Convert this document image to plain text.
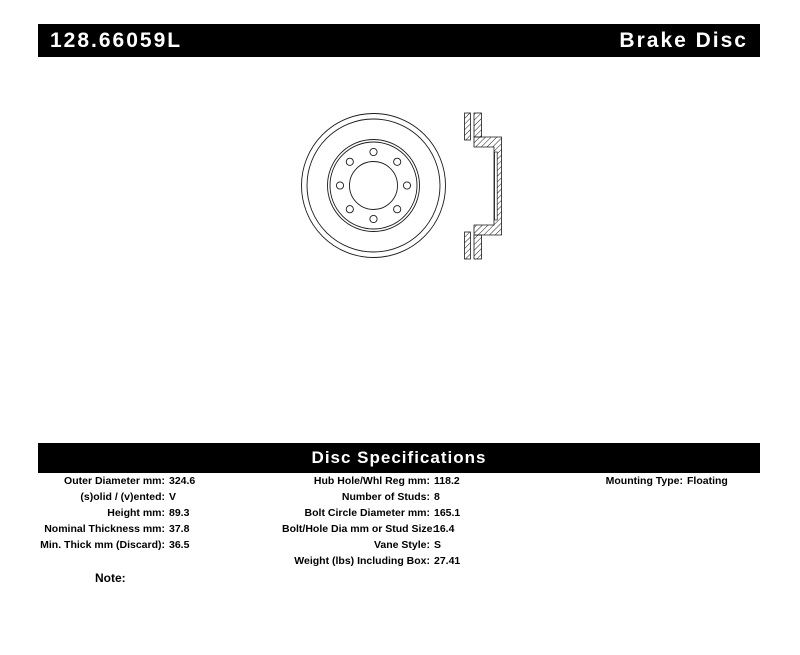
128.66059L	Brake Disc
Disc Specifications
Outer Diameter mm: 324.6
(s)olid / (v)ented: V
Height mm: 89.3
Nominal Thickness mm: 37.8
Min. Thick mm (Discard): 36.5
Hub Hole/Whl Reg mm: 118.2
Number of Studs: 8
Bolt Circle Diameter mm: 165.1
Bolt/Hole Dia mm or Stud Size:
16.4
Vane Style: S
Weight (lbs) Including Box: 27.41
Mounting Type: Floating
Note:
